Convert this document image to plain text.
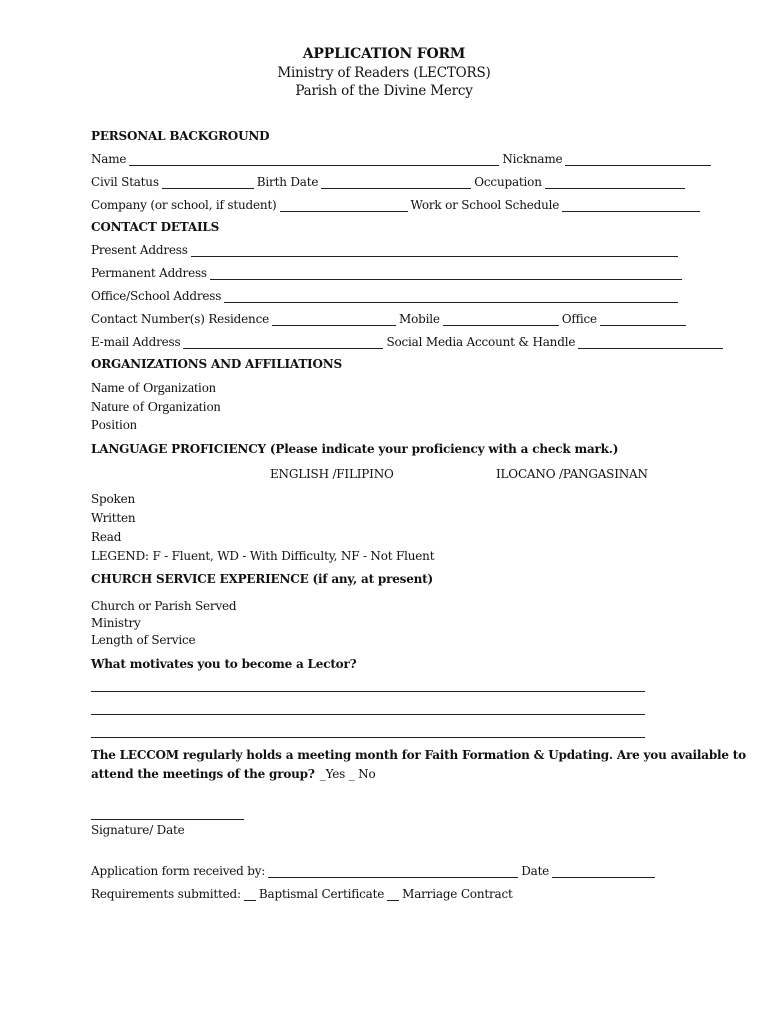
APPLICATION FORM
Ministry of Readers (LECTORS)
Parish of the Divine Mercy
PERSONAL BACKGROUND
Name	Nickname
Civil Status	Birth Date	Occupation
Company (or school, if student)	Work or School Schedule
CONTACT DETAILS
Present Address
Permanent Address
Office/School Address
Contact Number(s) Residence	Mobile	Office
E-mail Address	Social Media Account & Handle
ORGANIZATIONS AND AFFILIATIONS
Name of Organization
Nature of Organization
Position
LANGUAGE PROFICIENCY (Please indicate your proficiency with a check mark.)
ENGLISH /FILIPINO	ILOCANO /PANGASINAN
Spoken
Written
Read
LEGEND: F - Fluent, WD - With Difficulty, NF - Not Fluent
CHURCH SERVICE EXPERIENCE (if any, at present)
Church or Parish Served
Ministry
Length of Service
What motivates you to become a Lector?
The LECCOM regularly holds a meeting month for Faith Formation & Updating. Are you available to
attend the meetings of the group? _Yes _ No
Signature/ Date
Application form received by:	Date
Requirements submitted: Baptismal Certificate Marriage Contract
